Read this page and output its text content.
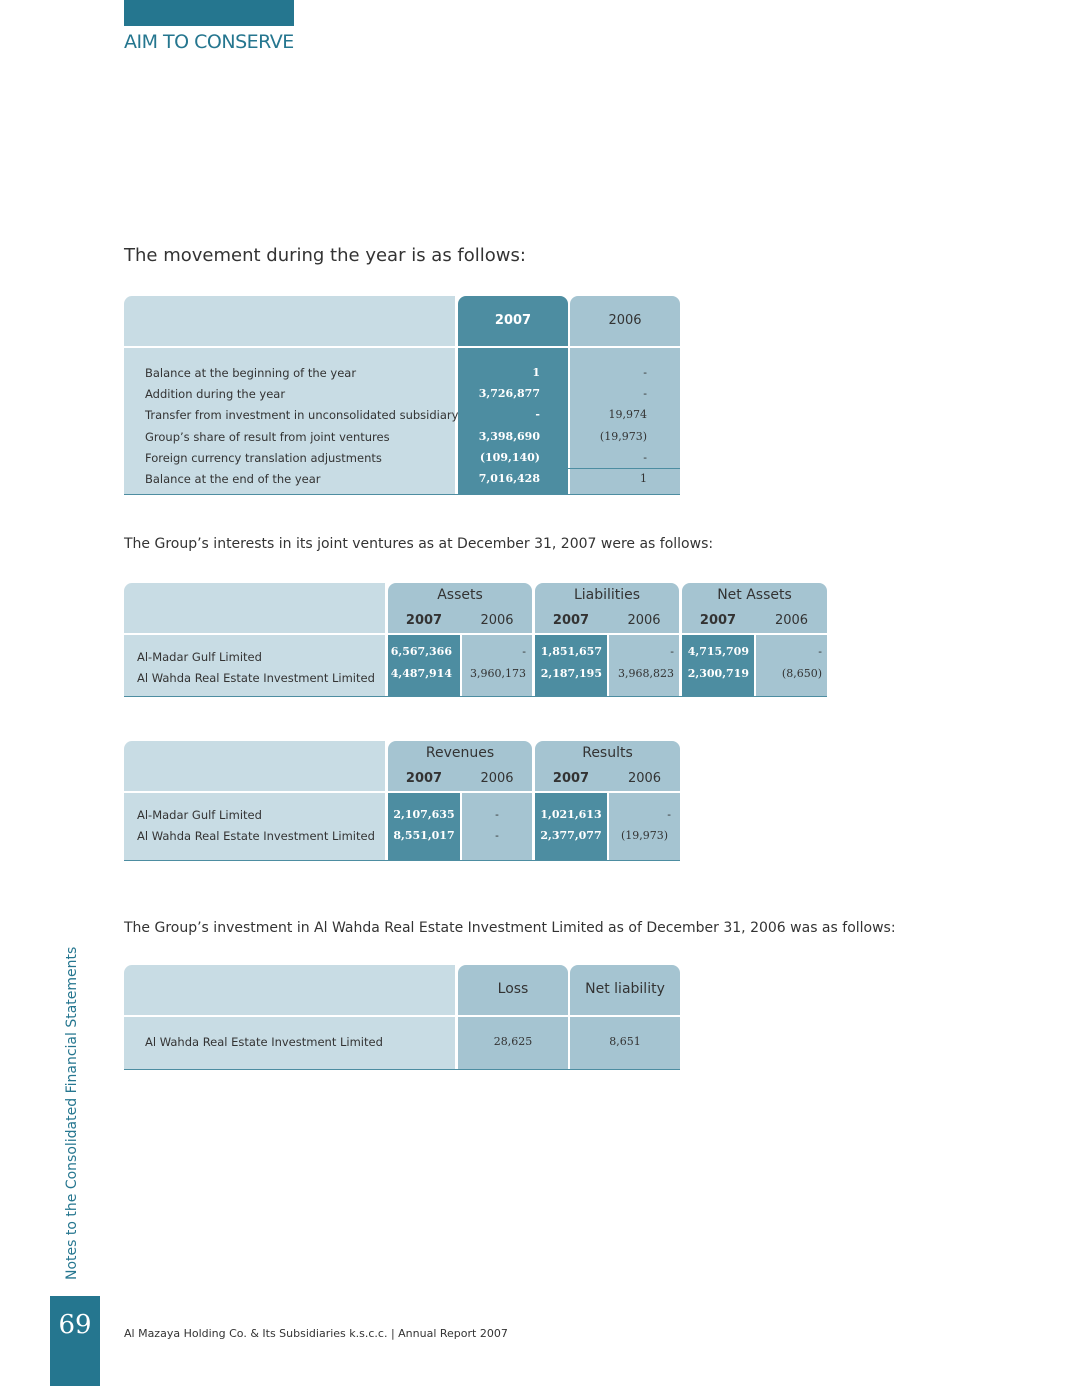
AIM TO CONSERVE
The movement during the year is as follows:
2007	2006
Balance at the beginning of the year	1	-
Addition during the year	3,726,877	-
Transfer from investment in unconsolidated subsidiary	-	19,974
Group’s share of result from joint ventures	3,398,690	(19,973)
Foreign currency translation adjustments	(109,140)	-
Balance at the end of the year	7,016,428	1
The Group’s interests in its joint ventures as at December 31, 2007 were as follows:
Assets	Liabilities	Net Assets
2007	2006	2007	2006	2007	2006
Al-Madar Gulf Limited	6,567,366	-	1,851,657	-	4,715,709	-
Al Wahda Real Estate Investment Limited 4,487,914	3,960,173	2,187,195	3,968,823	2,300,719	(8,650)
Revenues	Results
2007	2006	2007	2006
Al-Madar Gulf Limited	2,107,635	-	1,021,613	-
Al Wahda Real Estate Investment Limited	8,551,017	-	2,377,077	(19,973)
The Group’s investment in Al Wahda Real Estate Investment Limited as of December 31, 2006 was as follows:
Loss	Net liability
Al Wahda Real Estate Investment Limited	28,625	8,651
Notes to the Consolidated Financial Statements
69	Al Mazaya Holding Co. & Its Subsidiaries k.s.c.c. | Annual Report 2007
